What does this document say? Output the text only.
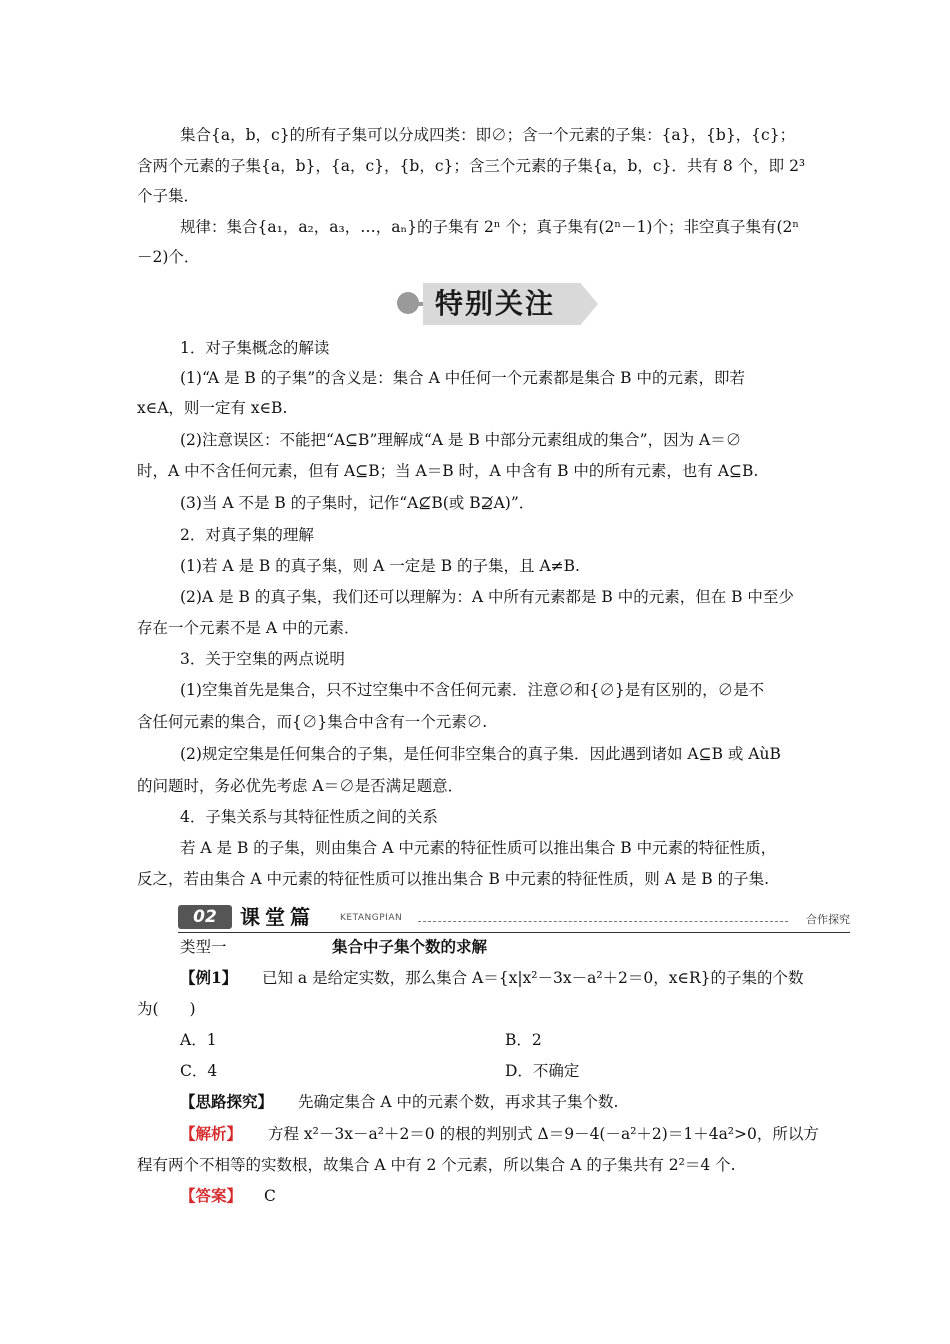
集合{a，b，c}的所有子集可以分成四类：即∅；含一个元素的子集：{a}，{b}，{c}；
含两个元素的子集{a，b}，{a，c}，{b，c}；含三个元素的子集{a，b，c}．共有 8 个，即 2³
个子集．
规律：集合{a₁，a₂，a₃，…，aₙ}的子集有 2ⁿ 个；真子集有(2ⁿ－1)个；非空真子集有(2ⁿ
－2)个．
特别关注
1．对子集概念的解读
(1)“A 是 B 的子集”的含义是：集合 A 中任何一个元素都是集合 B 中的元素，即若
x∈A，则一定有 x∈B.
(2)注意误区：不能把“A⊆B”理解成“A 是 B 中部分元素组成的集合”，因为 A＝∅
时，A 中不含任何元素，但有 A⊆B；当 A＝B 时，A 中含有 B 中的所有元素，也有 A⊆B.
(3)当 A 不是 B 的子集时，记作“A⊈B(或 B⊉A)”．
2．对真子集的理解
(1)若 A 是 B 的真子集，则 A 一定是 B 的子集，且 A≠B.
(2)A 是 B 的真子集，我们还可以理解为：A 中所有元素都是 B 中的元素，但在 B 中至少
存在一个元素不是 A 中的元素．
3．关于空集的两点说明
(1)空集首先是集合，只不过空集中不含任何元素．注意∅和{∅}是有区别的，∅是不
含任何元素的集合，而{∅}集合中含有一个元素∅.
(2)规定空集是任何集合的子集，是任何非空集合的真子集．因此遇到诸如 A⊆B 或 AùB
的问题时，务必优先考虑 A＝∅是否满足题意．
4．子集关系与其特征性质之间的关系
若 A 是 B 的子集，则由集合 A 中元素的特征性质可以推出集合 B 中元素的特征性质，
反之，若由集合 A 中元素的特征性质可以推出集合 B 中元素的特征性质，则 A 是 B 的子集.
02	课堂篇	KETANGPIAN	合作探究
类型一	集合中子集个数的求解
【例1】 已知 a 是给定实数，那么集合 A＝{x|x²－3x－a²＋2＝0，x∈R}的子集的个数
为(　　)
A．1	B．2
C．4	D．不确定
【思路探究】 先确定集合 A 中的元素个数，再求其子集个数.
【解析】 方程 x²－3x－a²＋2＝0 的根的判别式 Δ＝9－4(－a²＋2)＝1＋4a²>0，所以方
程有两个不相等的实数根，故集合 A 中有 2 个元素，所以集合 A 的子集共有 2²＝4 个.
【答案】 C
